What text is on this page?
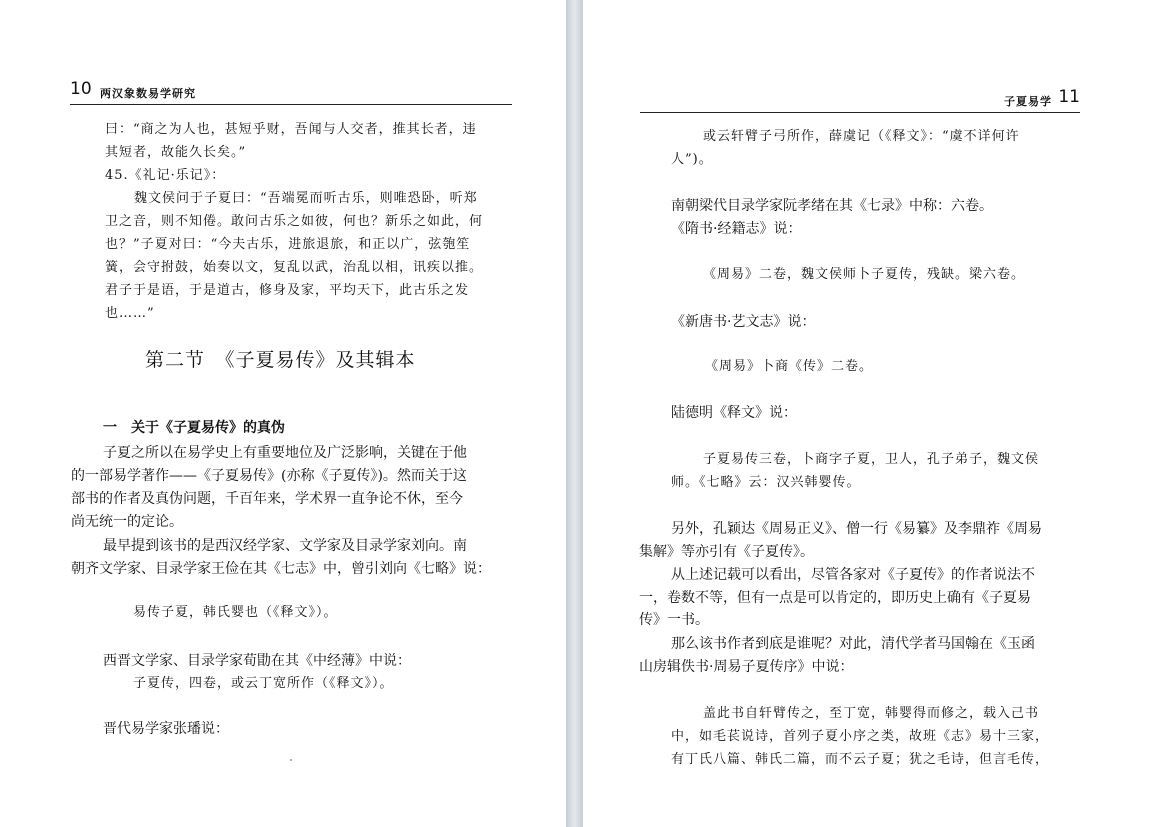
10 两汉象数易学研究
曰：“商之为人也，甚短乎财，吾闻与人交者，推其长者，违
其短者，故能久长矣。”
45.《礼记·乐记》：
魏文侯问于子夏曰：“吾端冕而听古乐，则唯恐卧，听郑
卫之音，则不知倦。敢问古乐之如彼，何也？新乐之如此，何
也？”子夏对曰：“今夫古乐，进旅退旅，和正以广，弦匏笙
簧，会守拊鼓，始奏以文，复乱以武，治乱以相，讯疾以推。
君子于是语，于是道古，修身及家，平均天下，此古乐之发
也……”
第二节　《子夏易传》及其辑本
一　关于《子夏易传》的真伪
子夏之所以在易学史上有重要地位及广泛影响，关键在于他
的一部易学著作——《子夏易传》(亦称《子夏传》)。然而关于这
部书的作者及真伪问题，千百年来，学术界一直争论不休，至今
尚无统一的定论。
最早提到该书的是西汉经学家、文学家及目录学家刘向。南
朝齐文学家、目录学家王俭在其《七志》中，曾引刘向《七略》说：
易传子夏，韩氏婴也（《释文》）。
西晋文学家、目录学家荀勖在其《中经薄》中说：
子夏传，四卷，或云丁宽所作（《释文》）。
晋代易学家张璠说：
子夏易学 11
或云轩臂子弓所作，薛虞记（《释文》：“虞不详何许
人”)。
南朝梁代目录学家阮孝绪在其《七录》中称：六卷。
《隋书·经籍志》说：
《周易》二卷，魏文侯师卜子夏传，残缺。梁六卷。
《新唐书·艺文志》说：
《周易》卜商《传》二卷。
陆德明《释文》说：
子夏易传三卷，卜商字子夏，卫人，孔子弟子，魏文侯
师。《七略》云：汉兴韩婴传。
另外，孔颖达《周易正义》、僧一行《易纂》及李鼎祚《周易
集解》等亦引有《子夏传》。
从上述记载可以看出，尽管各家对《子夏传》的作者说法不
一，卷数不等，但有一点是可以肯定的，即历史上确有《子夏易
传》一书。
那么该书作者到底是谁呢？对此，清代学者马国翰在《玉函
山房辑佚书·周易子夏传序》中说：
盖此书自轩臂传之，至丁宽，韩婴得而修之，载入己书
中，如毛苌说诗，首列子夏小序之类，故班《志》易十三家，
有丁氏八篇、韩氏二篇，而不云子夏；犹之毛诗，但言毛传，
